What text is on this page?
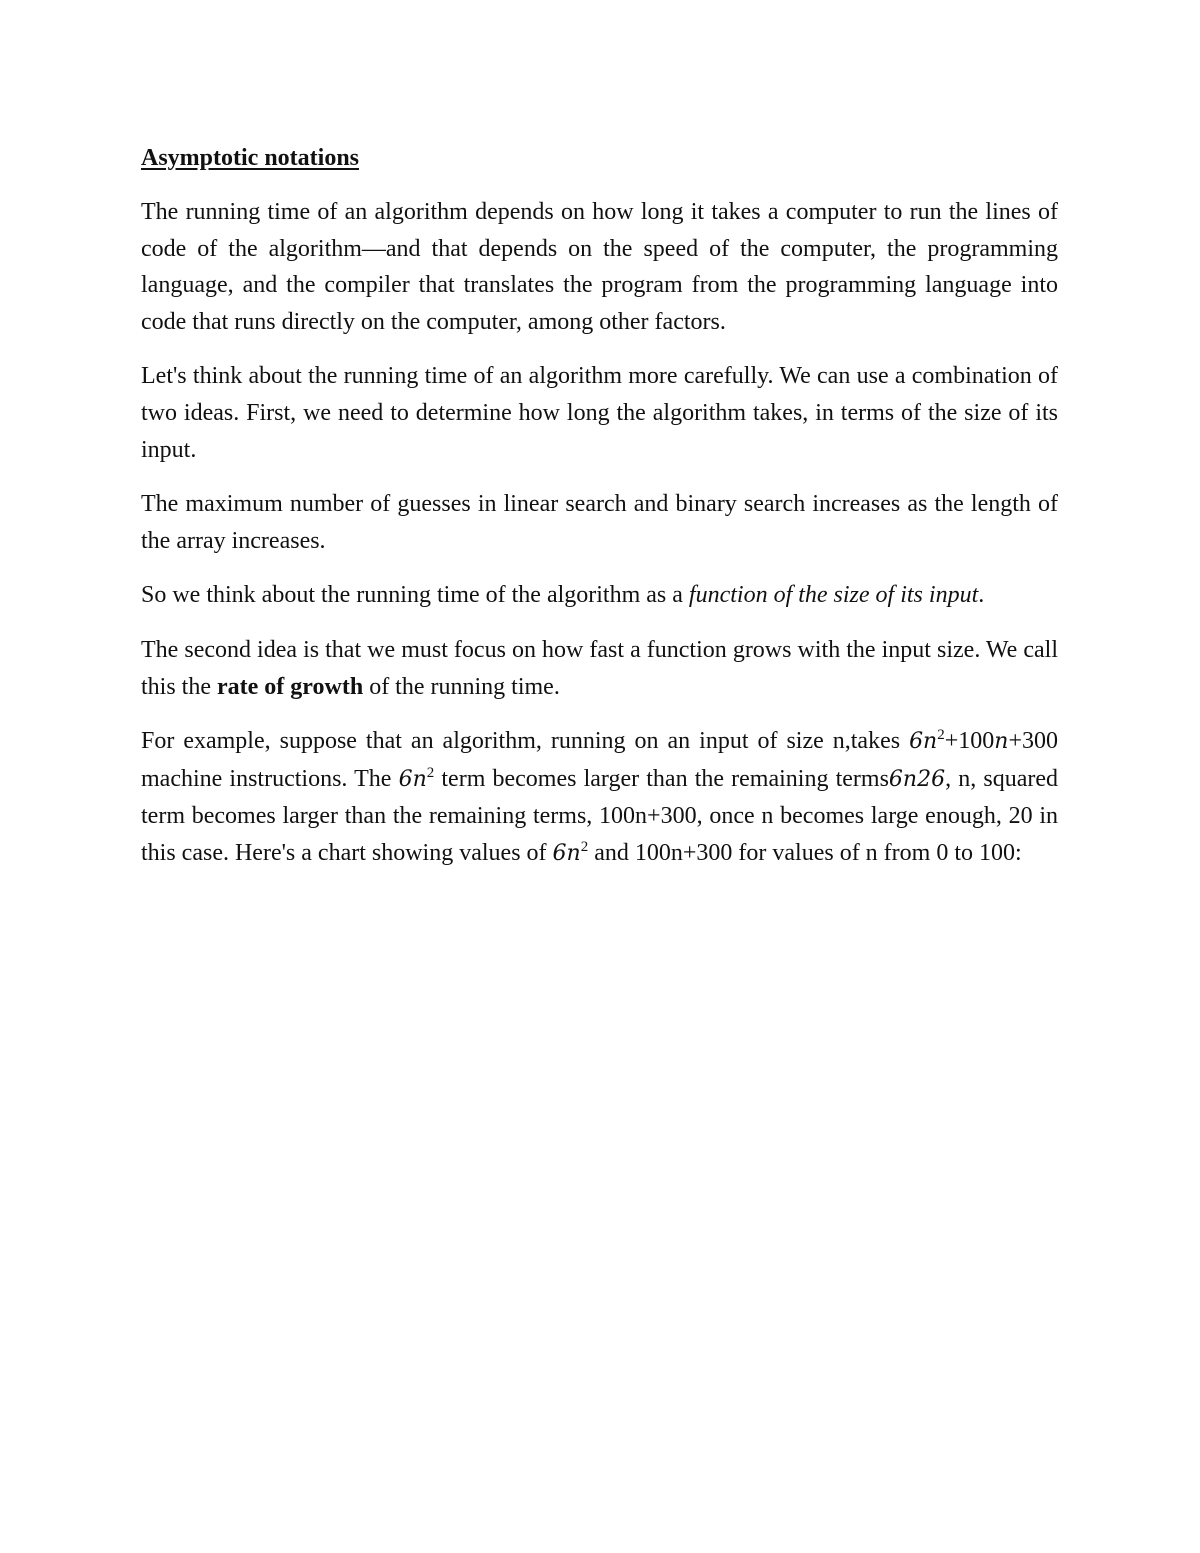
Asymptotic notations

The running time of an algorithm depends on how long it takes a computer to run the lines of code of the algorithm—and that depends on the speed of the computer, the programming language, and the compiler that translates the program from the programming language into code that runs directly on the computer, among other factors.

Let's think about the running time of an algorithm more carefully. We can use a combination of two ideas. First, we need to determine how long the algorithm takes, in terms of the size of its input.

The maximum number of guesses in linear search and binary search increases as the length of the array increases.

So we think about the running time of the algorithm as a function of the size of its input.

The second idea is that we must focus on how fast a function grows with the input size. We call this the rate of growth of the running time.

For example, suppose that an algorithm, running on an input of size n,takes $6n^2+100n+300$ machine instructions. The $6n^2$ term becomes larger than the remaining terms6n26, n, squared term becomes larger than the remaining terms, 100n+300, once n becomes large enough, 20 in this case. Here's a chart showing values of $6n^2$ and 100n+300 for values of n from 0 to 100:
